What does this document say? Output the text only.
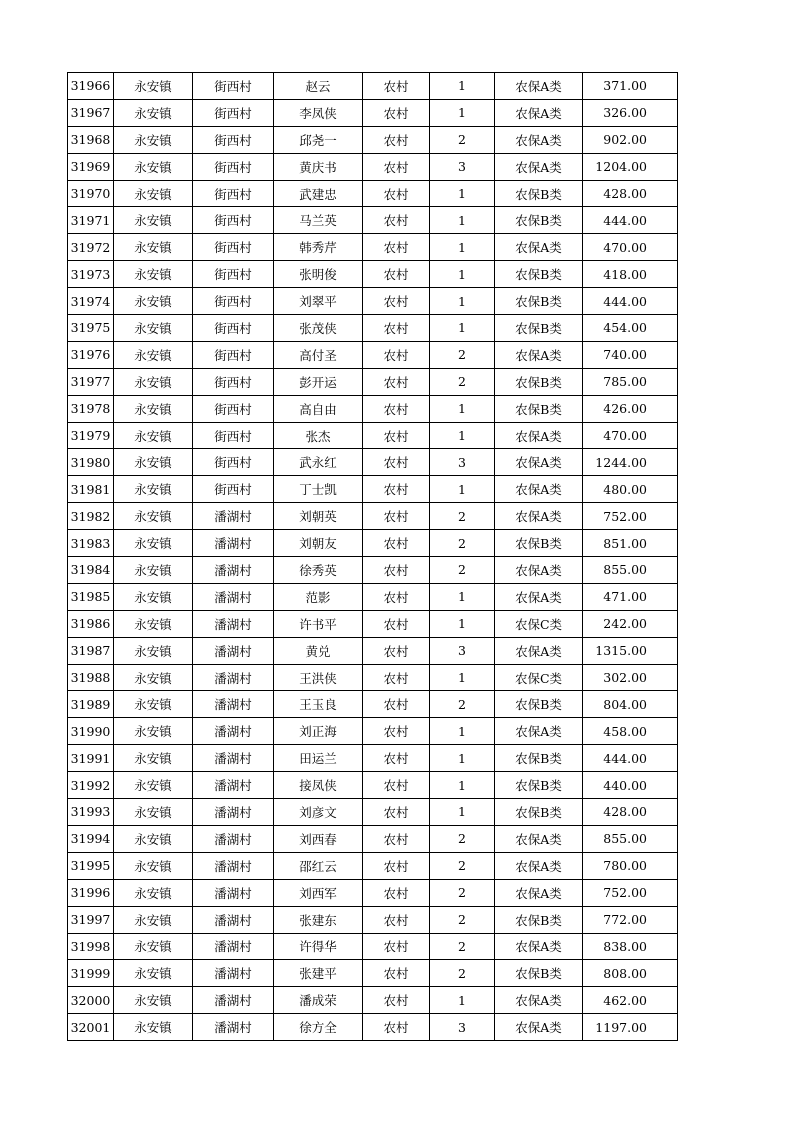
31966	永安镇	街西村	赵云	农村	1	农保A类	371.00
31967	永安镇	街西村	李凤侠	农村	1	农保A类	326.00
31968	永安镇	街西村	邱尧一	农村	2	农保A类	902.00
31969	永安镇	街西村	黄庆书	农村	3	农保A类	1204.00
31970	永安镇	街西村	武建忠	农村	1	农保B类	428.00
31971	永安镇	街西村	马兰英	农村	1	农保B类	444.00
31972	永安镇	街西村	韩秀芹	农村	1	农保A类	470.00
31973	永安镇	街西村	张明俊	农村	1	农保B类	418.00
31974	永安镇	街西村	刘翠平	农村	1	农保B类	444.00
31975	永安镇	街西村	张茂侠	农村	1	农保B类	454.00
31976	永安镇	街西村	高付圣	农村	2	农保A类	740.00
31977	永安镇	街西村	彭开运	农村	2	农保B类	785.00
31978	永安镇	街西村	高自由	农村	1	农保B类	426.00
31979	永安镇	街西村	张杰	农村	1	农保A类	470.00
31980	永安镇	街西村	武永红	农村	3	农保A类	1244.00
31981	永安镇	街西村	丁士凯	农村	1	农保A类	480.00
31982	永安镇	潘湖村	刘朝英	农村	2	农保A类	752.00
31983	永安镇	潘湖村	刘朝友	农村	2	农保B类	851.00
31984	永安镇	潘湖村	徐秀英	农村	2	农保A类	855.00
31985	永安镇	潘湖村	范影	农村	1	农保A类	471.00
31986	永安镇	潘湖村	许书平	农村	1	农保C类	242.00
31987	永安镇	潘湖村	黄兑	农村	3	农保A类	1315.00
31988	永安镇	潘湖村	王洪侠	农村	1	农保C类	302.00
31989	永安镇	潘湖村	王玉良	农村	2	农保B类	804.00
31990	永安镇	潘湖村	刘正海	农村	1	农保A类	458.00
31991	永安镇	潘湖村	田运兰	农村	1	农保B类	444.00
31992	永安镇	潘湖村	接凤侠	农村	1	农保B类	440.00
31993	永安镇	潘湖村	刘彦文	农村	1	农保B类	428.00
31994	永安镇	潘湖村	刘西春	农村	2	农保A类	855.00
31995	永安镇	潘湖村	邵红云	农村	2	农保A类	780.00
31996	永安镇	潘湖村	刘西军	农村	2	农保A类	752.00
31997	永安镇	潘湖村	张建东	农村	2	农保B类	772.00
31998	永安镇	潘湖村	许得华	农村	2	农保A类	838.00
31999	永安镇	潘湖村	张建平	农村	2	农保B类	808.00
32000	永安镇	潘湖村	潘成荣	农村	1	农保A类	462.00
32001	永安镇	潘湖村	徐方全	农村	3	农保A类	1197.00
